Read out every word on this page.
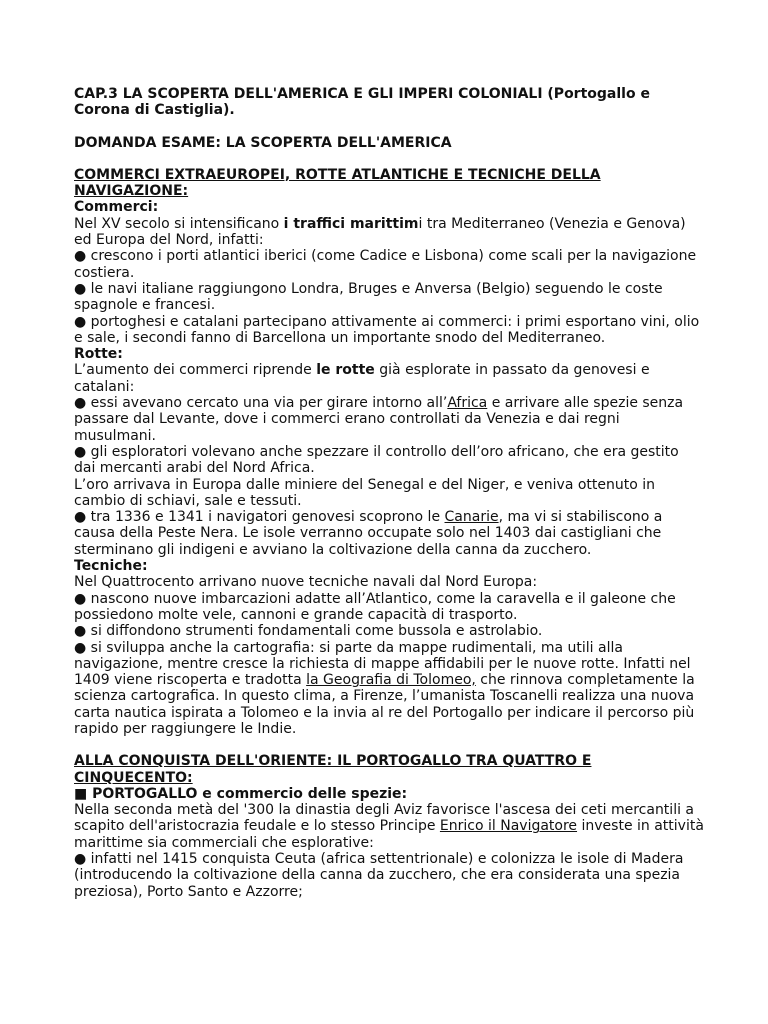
CAP.3 LA SCOPERTA DELL'AMERICA E GLI IMPERI COLONIALI (Portogallo e Corona di Castiglia).

DOMANDA ESAME: LA SCOPERTA DELL'AMERICA

COMMERCI EXTRAEUROPEI, ROTTE ATLANTICHE E TECNICHE DELLA NAVIGAZIONE:

Commerci:

Nel XV secolo si intensificano i traffici marittimi tra Mediterraneo (Venezia e Genova) ed Europa del Nord, infatti:

● crescono i porti atlantici iberici (come Cadice e Lisbona) come scali per la navigazione costiera.

● le navi italiane raggiungono Londra, Bruges e Anversa (Belgio) seguendo le coste spagnole e francesi.

● portoghesi e catalani partecipano attivamente ai commerci: i primi esportano vini, olio e sale, i secondi fanno di Barcellona un importante snodo del Mediterraneo.

Rotte:

L’aumento dei commerci riprende le rotte già esplorate in passato da genovesi e catalani:

● essi avevano cercato una via per girare intorno all’Africa e arrivare alle spezie senza passare dal Levante, dove i commerci erano controllati da Venezia e dai regni musulmani.

● gli esploratori volevano anche spezzare il controllo dell’oro africano, che era gestito dai mercanti arabi del Nord Africa.

L’oro arrivava in Europa dalle miniere del Senegal e del Niger, e veniva ottenuto in cambio di schiavi, sale e tessuti.

● tra 1336 e 1341 i navigatori genovesi scoprono le Canarie, ma vi si stabiliscono a causa della Peste Nera. Le isole verranno occupate solo nel 1403 dai castigliani che sterminano gli indigeni e avviano la coltivazione della canna da zucchero.

Tecniche:

Nel Quattrocento arrivano nuove tecniche navali dal Nord Europa:

● nascono nuove imbarcazioni adatte all’Atlantico, come la caravella e il galeone che possiedono molte vele, cannoni e grande capacità di trasporto.

● si diffondono strumenti fondamentali come bussola e astrolabio.

● si sviluppa anche la cartografia: si parte da mappe rudimentali, ma utili alla navigazione, mentre cresce la richiesta di mappe affidabili per le nuove rotte. Infatti nel 1409 viene riscoperta e tradotta la Geografia di Tolomeo, che rinnova completamente la scienza cartografica. In questo clima, a Firenze, l’umanista Toscanelli realizza una nuova carta nautica ispirata a Tolomeo e la invia al re del Portogallo per indicare il percorso più rapido per raggiungere le Indie.

ALLA CONQUISTA DELL'ORIENTE: IL PORTOGALLO TRA QUATTRO E CINQUECENTO:

■ PORTOGALLO e commercio delle spezie:

Nella seconda metà del '300 la dinastia degli Aviz favorisce l'ascesa dei ceti mercantili a scapito dell'aristocrazia feudale e lo stesso Principe Enrico il Navigatore investe in attività marittime sia commerciali che esplorative:

● infatti nel 1415 conquista Ceuta (africa settentrionale) e colonizza le isole di Madera (introducendo la coltivazione della canna da zucchero, che era considerata una spezia preziosa), Porto Santo e Azzorre;
